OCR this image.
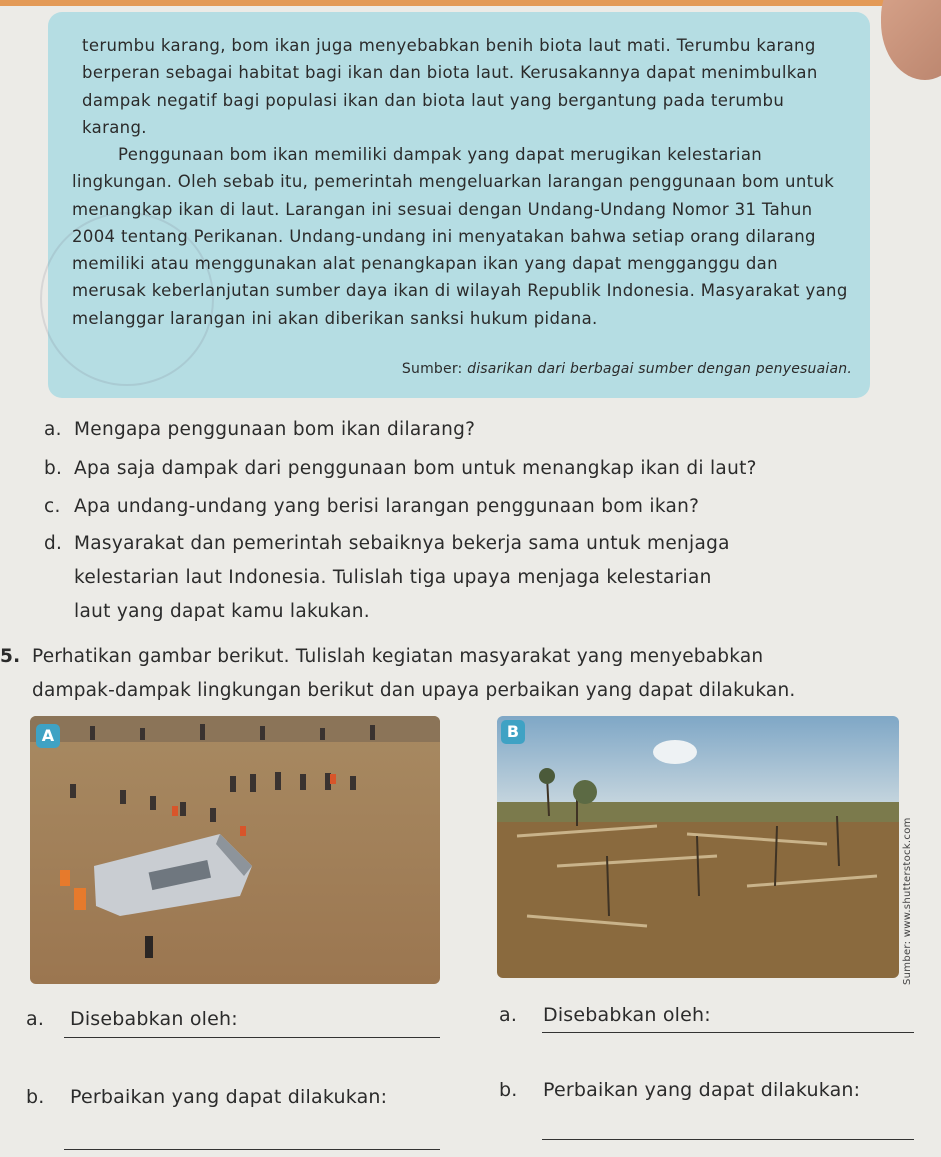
terumbu karang, bom ikan juga menyebabkan benih biota laut mati. Terumbu karang berperan sebagai habitat bagi ikan dan biota laut. Kerusakannya dapat menimbulkan dampak negatif bagi populasi ikan dan biota laut yang bergantung pada terumbu karang.

Penggunaan bom ikan memiliki dampak yang dapat merugikan kelestarian lingkungan. Oleh sebab itu, pemerintah mengeluarkan larangan penggunaan bom untuk menangkap ikan di laut. Larangan ini sesuai dengan Undang-Undang Nomor 31 Tahun 2004 tentang Perikanan. Undang-undang ini menyatakan bahwa setiap orang dilarang memiliki atau menggunakan alat penangkapan ikan yang dapat mengganggu dan merusak keberlanjutan sumber daya ikan di wilayah Republik Indonesia. Masyarakat yang melanggar larangan ini akan diberikan sanksi hukum pidana.

Sumber: disarikan dari berbagai sumber dengan penyesuaian.
a. Mengapa penggunaan bom ikan dilarang?
b. Apa saja dampak dari penggunaan bom untuk menangkap ikan di laut?
c. Apa undang-undang yang berisi larangan penggunaan bom ikan?
d. Masyarakat dan pemerintah sebaiknya bekerja sama untuk menjaga
kelestarian laut Indonesia. Tulislah tiga upaya menjaga kelestarian
laut yang dapat kamu lakukan.
5. Perhatikan gambar berikut. Tulislah kegiatan masyarakat yang menyebabkan
dampak-dampak lingkungan berikut dan upaya perbaikan yang dapat dilakukan.
A	B
Sumber: www.shutterstock.com
a. Disebabkan oleh:	a. Disebabkan oleh:
b. Perbaikan yang dapat dilakukan:	b. Perbaikan yang dapat dilakukan:
